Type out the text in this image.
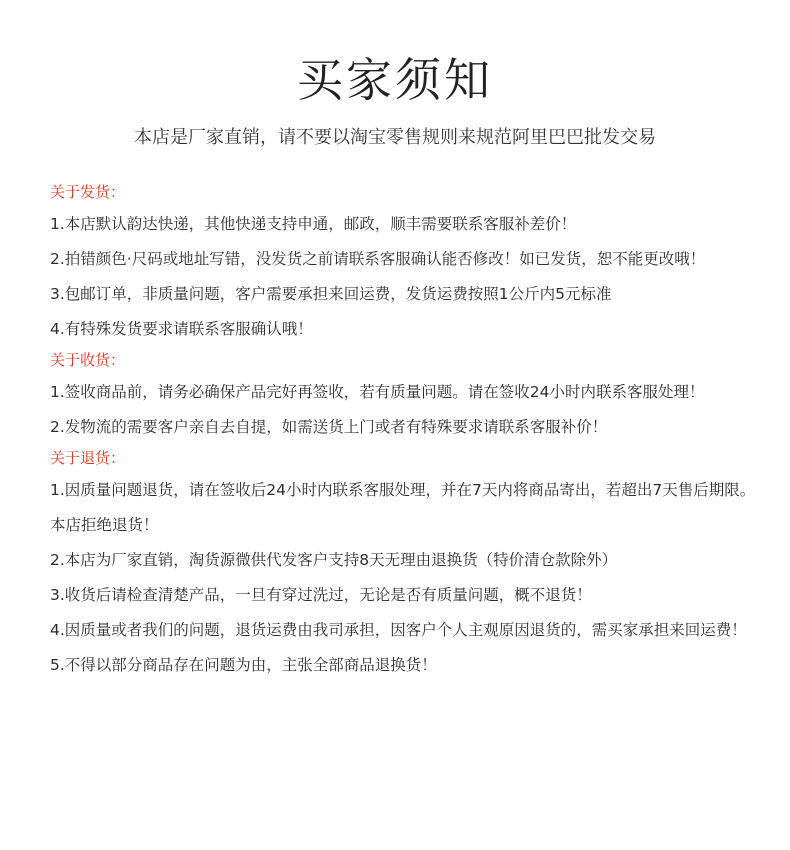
买家须知
本店是厂家直销，请不要以淘宝零售规则来规范阿里巴巴批发交易
关于发货：
1.本店默认韵达快递，其他快递支持申通，邮政，顺丰需要联系客服补差价！
2.拍错颜色·尺码或地址写错，没发货之前请联系客服确认能否修改！如已发货，恕不能更改哦！
3.包邮订单，非质量问题，客户需要承担来回运费，发货运费按照1公斤内5元标准
4.有特殊发货要求请联系客服确认哦！
关于收货：
1.签收商品前，请务必确保产品完好再签收，若有质量问题。请在签收24小时内联系客服处理！
2.发物流的需要客户亲自去自提，如需送货上门或者有特殊要求请联系客服补价！
关于退货：
1.因质量问题退货，请在签收后24小时内联系客服处理，并在7天内将商品寄出，若超出7天售后期限。本店拒绝退货！
2.本店为厂家直销，淘货源微供代发客户支持8天无理由退换货（特价清仓款除外）
3.收货后请检查清楚产品，一旦有穿过洗过，无论是否有质量问题，概不退货！
4.因质量或者我们的问题，退货运费由我司承担，因客户个人主观原因退货的，需买家承担来回运费！
5.不得以部分商品存在问题为由，主张全部商品退换货！
